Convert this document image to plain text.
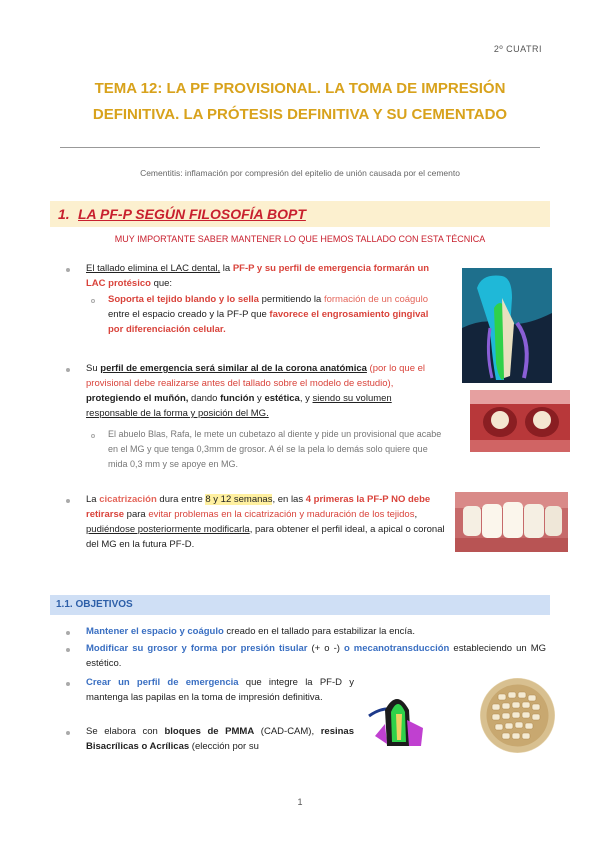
2º CUATRI
TEMA 12: LA PF PROVISIONAL. LA TOMA DE IMPRESIÓN
DEFINITIVA. LA PRÓTESIS DEFINITIVA Y SU CEMENTADO
Cementitis: inflamación por compresión del epitelio de unión causada por el cemento
1. LA PF-P SEGÚN FILOSOFÍA BOPT
MUY IMPORTANTE SABER MANTENER LO QUE HEMOS TALLADO CON ESTA TÉCNICA
El tallado elimina el LAC dental, la PF-P y su perfil de emergencia formarán un LAC protésico que:
Soporta el tejido blando y lo sella permitiendo la formación de un coágulo entre el espacio creado y la PF-P que favorece el engrosamiento gingival por diferenciación celular.
Su perfil de emergencia será similar al de la corona anatómica (por lo que el provisional debe realizarse antes del tallado sobre el modelo de estudio), protegiendo el muñón, dando función y estética, y siendo su volumen responsable de la forma y posición del MG.
El abuelo Blas, Rafa, le mete un cubetazo al diente y pide un provisional que acabe en el MG y que tenga 0,3mm de grosor. A él se la pela lo demás solo quiere que mida 0,3 mm y se apoye en MG.
La cicatrización dura entre 8 y 12 semanas, en las 4 primeras la PF-P NO debe retirarse para evitar problemas en la cicatrización y maduración de los tejidos, pudiéndose posteriormente modificarla, para obtener el perfil ideal, a apical o coronal del MG en la futura PF-D.
1.1. OBJETIVOS
Mantener el espacio y coágulo creado en el tallado para estabilizar la encía.
Modificar su grosor y forma por presión tisular (+ o -) o mecanotransducción estableciendo un MG estético.
Crear un perfil de emergencia que integre la PF-D y mantenga las papilas en la toma de impresión definitiva.
Se elabora con bloques de PMMA (CAD-CAM), resinas Bisacrílicas o Acrílicas (elección por su
1
